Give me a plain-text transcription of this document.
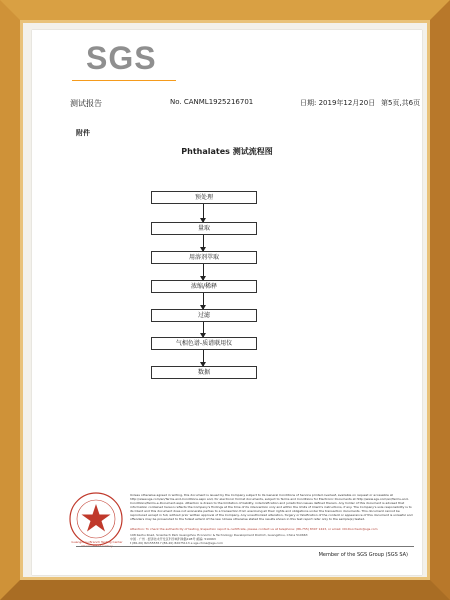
SGS
测试报告	No. CANML1925216701	日期: 2019年12月20日 第5页,共6页
附件
Phthalates 测试流程图
预处理
量取
用溶剂萃取
浓缩/稀释
过滤
气相色谱-质谱联用仪
数据
Guangzhou Branch Testing Center
Unless otherwise agreed in writing, this document is issued by the Company subject to its General Conditions of Service printed overleaf, available on request or accessible at http://www.sgs.com/en/Terms-and-Conditions.aspx and, for electronic format documents, subject to Terms and Conditions for Electronic Documents at http://www.sgs.com/en/Terms-and-Conditions/Terms-e-Document.aspx. Attention is drawn to the limitation of liability, indemnification and jurisdiction issues defined therein. Any holder of this document is advised that information contained hereon reflects the Company's findings at the time of its intervention only and within the limits of Client's instructions, if any. The Company's sole responsibility is to its Client and this document does not exonerate parties to a transaction from exercising all their rights and obligations under the transaction documents. This document cannot be reproduced except in full, without prior written approval of the Company. Any unauthorized alteration, forgery or falsification of the content or appearance of this document is unlawful and offenders may be prosecuted to the fullest extent of the law. Unless otherwise stated the results shown in this test report refer only to the sample(s) tested.
Attention: To check the authenticity of testing /inspection report & certificate, please contact us at telephone: (86-755) 8307 1443, or email: CN.Doccheck@sgs.com
198 Kezhu Road, Scientech Park Guangzhou Economic & Technology Development District, Guangzhou, China 510663
中国 · 广州 · 经济技术开发区科学城科珠路198号 邮编: 510663
t (86-20) 82155555 f (86-20) 82075113 e sgs.china@sgs.com
Member of the SGS Group (SGS SA)
